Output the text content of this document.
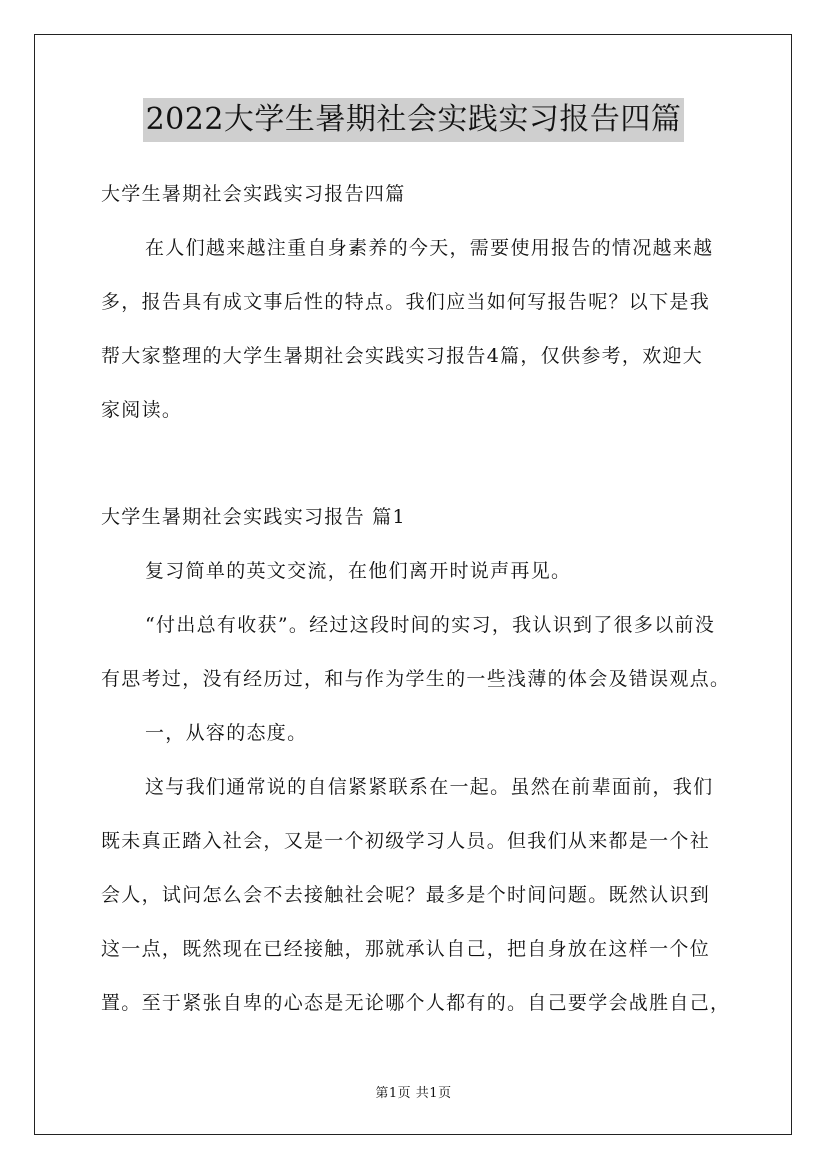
2022大学生暑期社会实践实习报告四篇
大学生暑期社会实践实习报告四篇
在人们越来越注重自身素养的今天，需要使用报告的情况越来越
多，报告具有成文事后性的特点。我们应当如何写报告呢？以下是我
帮大家整理的大学生暑期社会实践实习报告4篇，仅供参考，欢迎大
家阅读。
大学生暑期社会实践实习报告 篇1
复习简单的英文交流，在他们离开时说声再见。
“付出总有收获”。经过这段时间的实习，我认识到了很多以前没
有思考过，没有经历过，和与作为学生的一些浅薄的体会及错误观点。
一，从容的态度。
这与我们通常说的自信紧紧联系在一起。虽然在前辈面前，我们
既未真正踏入社会，又是一个初级学习人员。但我们从来都是一个社
会人，试问怎么会不去接触社会呢？最多是个时间问题。既然认识到
这一点，既然现在已经接触，那就承认自己，把自身放在这样一个位
置。至于紧张自卑的心态是无论哪个人都有的。自己要学会战胜自己，
第1页 共1页
